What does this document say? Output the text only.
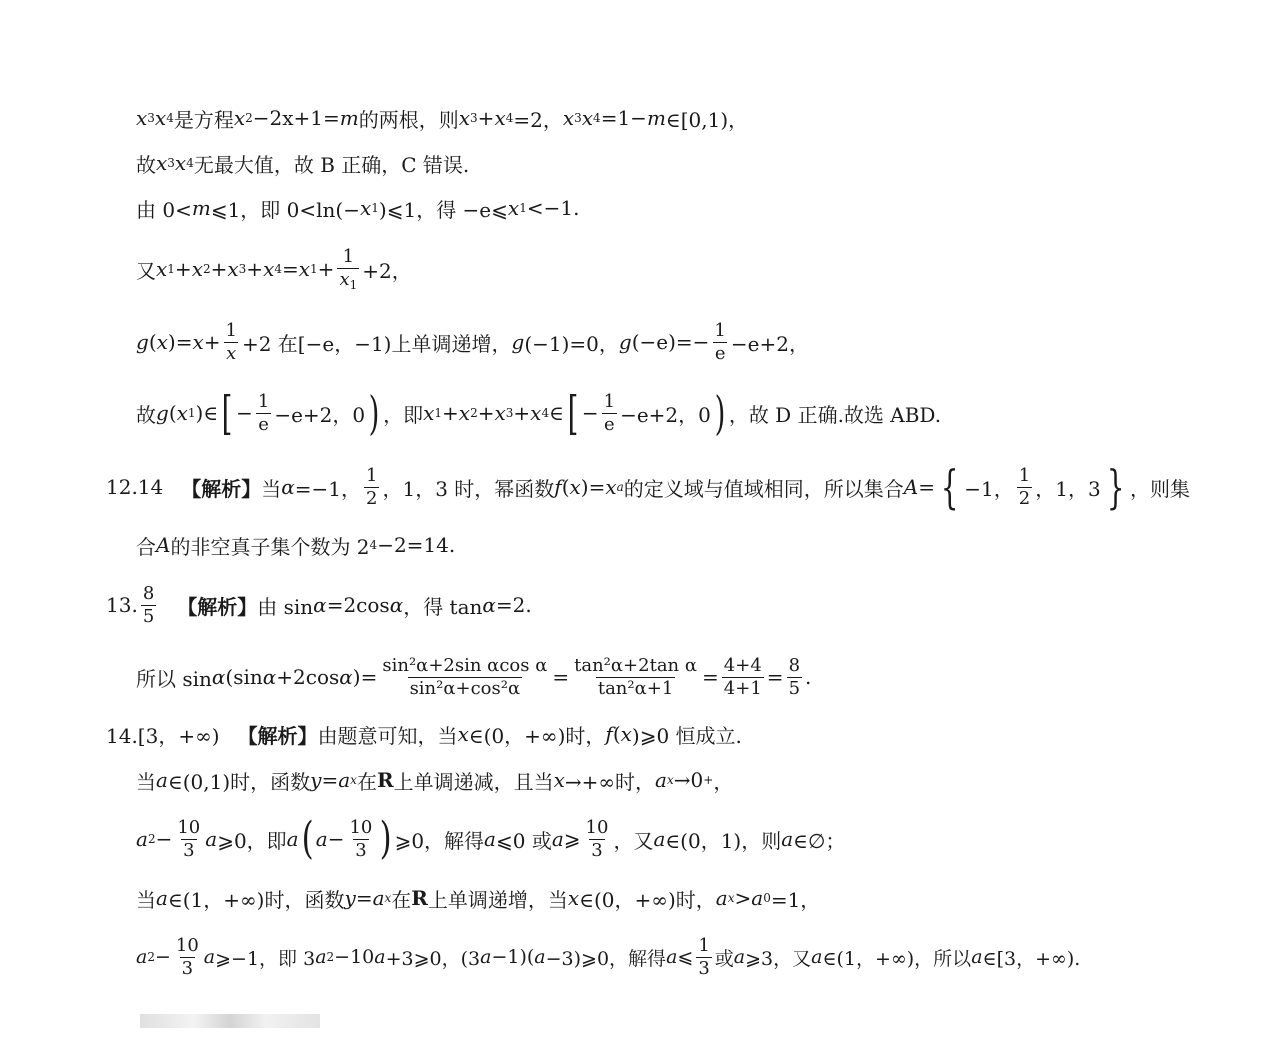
x 3 x 4 是方程 x 2 −2x+1= m 的两根，则 x 3 + x 4 =2， x 3 x 4 =1− m ∈[0,1)，
故 x 3 x 4 无最大值，故 B 正确，C 错误.
由 0< m ⩽1，即 0<ln(− x 1 )⩽1，得 −e⩽ x 1 <−1.
又 x 1 + x 2 + x 3 + x 4 = x $1 + \frac{1}{x_1} +2$，
g ( x )= $x + \frac{1}{x} +2$ 在[−e，−1)上单调递增， g (−1)=0， g $(-e)=- \frac{1}{e} -e+2$，
故 g ( x 1 )∈ [ − $\frac{1}{e} -e+2$，0 ) ，即 x 1 + x 2 + x 3 + x 4 ∈ [ − $\frac{1}{e} -e+2$，0 ) ，故 D 正确.故选 ABD.
12.14 【解析】 当 α =−1， $\frac{1}{2}$ ，1，3 时，幂函数 f ( x )= x a 的定义域与值域相同，所以集合 A = { −1， $\frac{1}{2}$ ，1，3 } ，则集
合 A 的非空真子集个数为 2 4 −2=14.
13. $\frac{8}{5}$ 【解析】 由 sin α =2cos α ，得 tan α =2.
所以 sin α (sin α +2cos α )= $\frac{\text{sin²α+2sin αcos α}}{\text{sin²α+cos²α}} = \frac{\text{tan²α+2tan α}}{\text{tan²α+1}} = \frac{4+4}{4+1} = \frac{8}{5}$ .
14.[3，+∞) 【解析】 由题意可知，当 x ∈(0，+∞)时， f ( x )⩾0 恒成立.
当 a ∈(0,1)时，函数 y = a x 在 R 上单调递减，且当 x →+∞时， a x →0 + ，
a $2 - \frac{10}{3}$ a ⩾0，即 a ( $a - \frac{10}{3}$ ) ⩾0，解得 a ⩽0 或 a ⩾ $\frac{10}{3}$ ，又 a ∈(0，1)，则 a ∈∅；
当 a ∈(1，+∞)时，函数 y = a x 在 R 上单调递增，当 x ∈(0，+∞)时， a x > a 0 =1，
a $2 - \frac{10}{3}$ a ⩾−1，即 3 a 2 −10 a +3⩾0，(3 a −1)( a −3)⩾0，解得 a ⩽ $\frac{1}{3}$ 或 a ⩾3，又 a ∈(1，+∞)，所以 a ∈[3，+∞).
